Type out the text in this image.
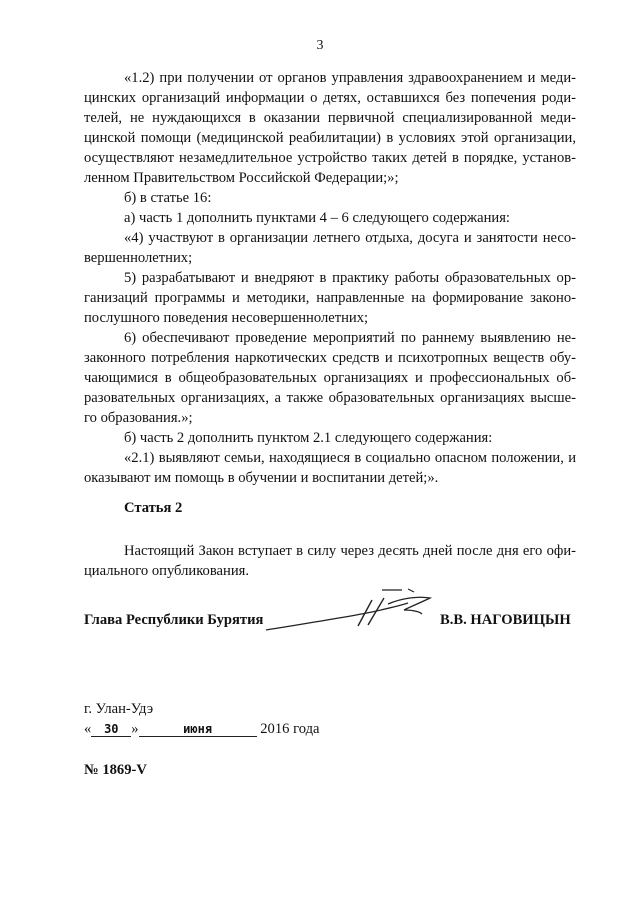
3
«1.2) при получении от органов управления здравоохранением и меди-
цинских организаций информации о детях, оставшихся без попечения роди-
телей, не нуждающихся в оказании первичной специализированной меди-
цинской помощи (медицинской реабилитации) в условиях этой организации,
осуществляют незамедлительное устройство таких детей в порядке, установ-
ленном Правительством Российской Федерации;»;
б) в статье 16:
а) часть 1 дополнить пунктами 4 – 6 следующего содержания:
«4) участвуют в организации летнего отдыха, досуга и занятости несо-
вершеннолетних;
5) разрабатывают и внедряют в практику работы образовательных ор-
ганизаций программы и методики, направленные на формирование законо-
послушного поведения несовершеннолетних;
6) обеспечивают проведение мероприятий по раннему выявлению не-
законного потребления наркотических средств и психотропных веществ обу-
чающимися в общеобразовательных организациях и профессиональных об-
разовательных организациях, а также образовательных организациях высше-
го образования.»;
б) часть 2 дополнить пунктом 2.1 следующего содержания:
«2.1) выявляют семьи, находящиеся в социально опасном положении, и
оказывают им помощь в обучении и воспитании детей;».
Статья 2
Настоящий Закон вступает в силу через десять дней после дня его офи-
циального опубликования.
Глава Республики Бурятия	В.В. НАГОВИЦЫН
г. Улан-Удэ
« 30 »	июня	2016 года
№ 1869-V
